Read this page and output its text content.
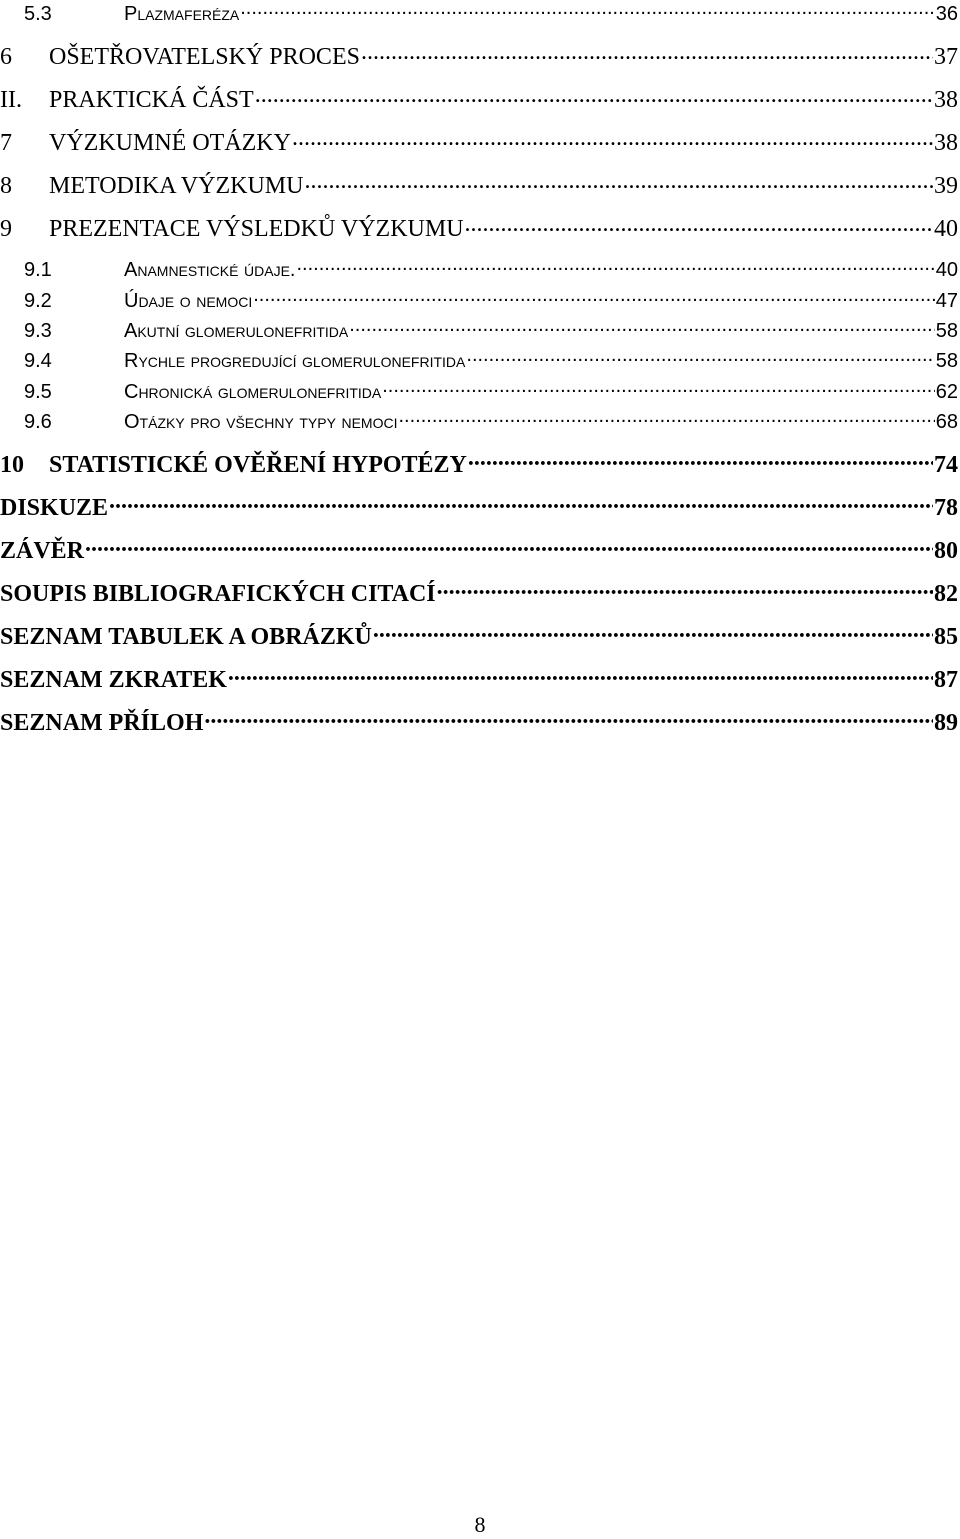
5.3	Plazmaferéza .....	36
6	OŠETŘOVATELSKÝ PROCES .....	37
II.	PRAKTICKÁ ČÁST .....	38
7	VÝZKUMNÉ OTÁZKY .....	38
8	METODIKA VÝZKUMU .....	39
9	PREZENTACE VÝSLEDKŮ VÝZKUMU .....	40
9.1	Anamnestické údaje. .....	40
9.2	Údaje o nemoci .....	47
9.3	Akutní glomerulonefritida .....	58
9.4	Rychle progredující glomerulonefritida .....	58
9.5	Chronická glomerulonefritida .....	62
9.6	Otázky pro všechny typy nemoci .....	68
10	STATISTICKÉ OVĚŘENÍ HYPOTÉZY .....	74
DISKUZE .....	78
ZÁVĚR .....	80
SOUPIS BIBLIOGRAFICKÝCH CITACÍ .....	82
SEZNAM TABULEK A OBRÁZKŮ .....	85
SEZNAM ZKRATEK .....	87
SEZNAM PŘÍLOH .....	89
8
